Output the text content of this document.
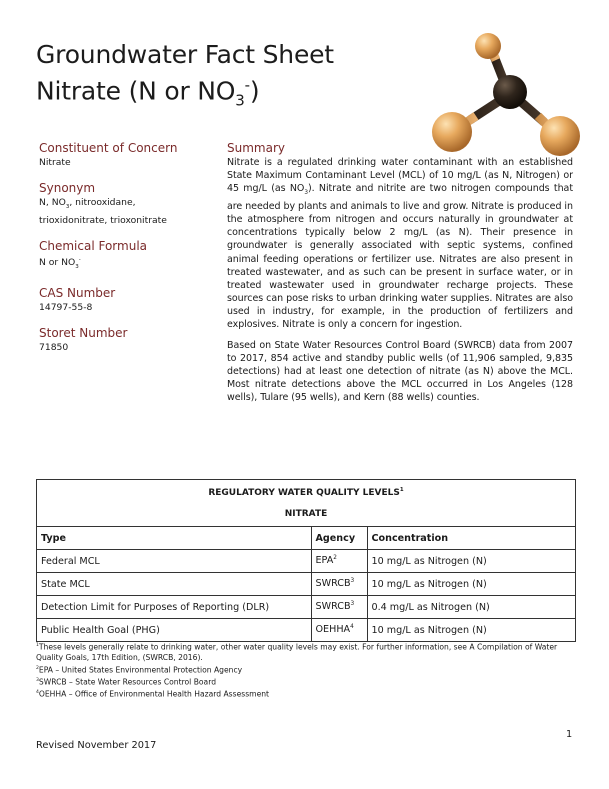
Groundwater Fact Sheet
Nitrate (N or $NO_3^-$)
Constituent of Concern
Nitrate
Synonym
N, $NO_3$, nitrooxidane,
trioxidonitrate, trioxonitrate
Chemical Formula
N or $NO_3^-$
CAS Number
14797-55-8
Storet Number
71850
Summary

Nitrate is a regulated drinking water contaminant with an established State Maximum Contaminant Level (MCL) of 10 mg/L (as N, Nitrogen) or 45 mg/L (as $NO_3$). Nitrate and nitrite are two nitrogen compounds that are needed by plants and animals to live and grow. Nitrate is produced in the atmosphere from nitrogen and occurs naturally in groundwater at concentrations typically below 2 mg/L (as N). Their presence in groundwater is generally associated with septic systems, confined animal feeding operations or fertilizer use. Nitrates are also present in treated wastewater, and as such can be present in surface water, or in treated wastewater used in groundwater recharge projects. These sources can pose risks to urban drinking water supplies. Nitrates are also used in industry, for example, in the production of fertilizers and explosives. Nitrate is only a concern for ingestion.

Based on State Water Resources Control Board (SWRCB) data from 2007 to 2017, 854 active and standby public wells (of 11,906 sampled, 9,835 detections) had at least one detection of nitrate (as N) above the MCL. Most nitrate detections above the MCL occurred in Los Angeles (128 wells), Tulare (95 wells), and Kern (88 wells) counties.

REGULATORY WATER QUALITY LEVELS$^1$
NITRATE
Type	Agency	Concentration
Federal MCL	EPA$^2$	10 mg/L as Nitrogen (N)
State MCL	SWRCB$^3$	10 mg/L as Nitrogen (N)
Detection Limit for Purposes of Reporting (DLR)	SWRCB$^3$	0.4 mg/L as Nitrogen (N)
Public Health Goal (PHG)	OEHHA$^4$	10 mg/L as Nitrogen (N)
$^1$These levels generally relate to drinking water, other water quality levels may exist. For further information, see A Compilation of Water Quality Goals, 17th Edition, (SWRCB, 2016).
$^2$EPA – United States Environmental Protection Agency
$^3$SWRCB – State Water Resources Control Board
$^4$OEHHA – Office of Environmental Health Hazard Assessment
Revised November 2017
1
